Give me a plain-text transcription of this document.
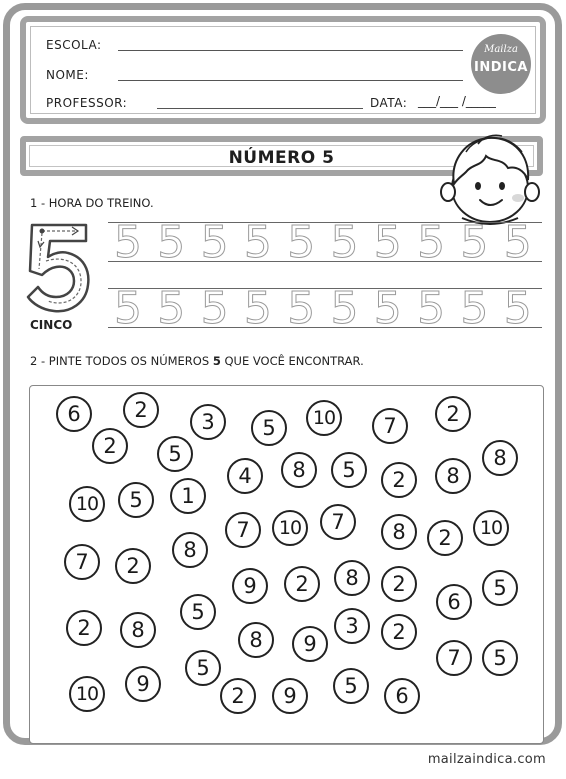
ESCOLA:
NOME:
PROFESSOR:	DATA: ___/___ /_____
Mailza
INDICA
NÚMERO 5
1 - HORA DO TREINO.
CINCO
5 5 5 5 5 5 5 5 5 5
5 5 5 5 5 5 5 5 5 5
2 - PINTE TODOS OS NÚMEROS 5 QUE VOCÊ ENCONTRAR.
6	2	3	5	10	7	2
2	5
4	8	5	2	8
8
10	5	1
7	10	7	8	2	10
7	2
8
9	2	8	2
6
5
5
2	8	8	9
3	2
7	5
5
10	9	2	9	5	6
mailzaindica.com
